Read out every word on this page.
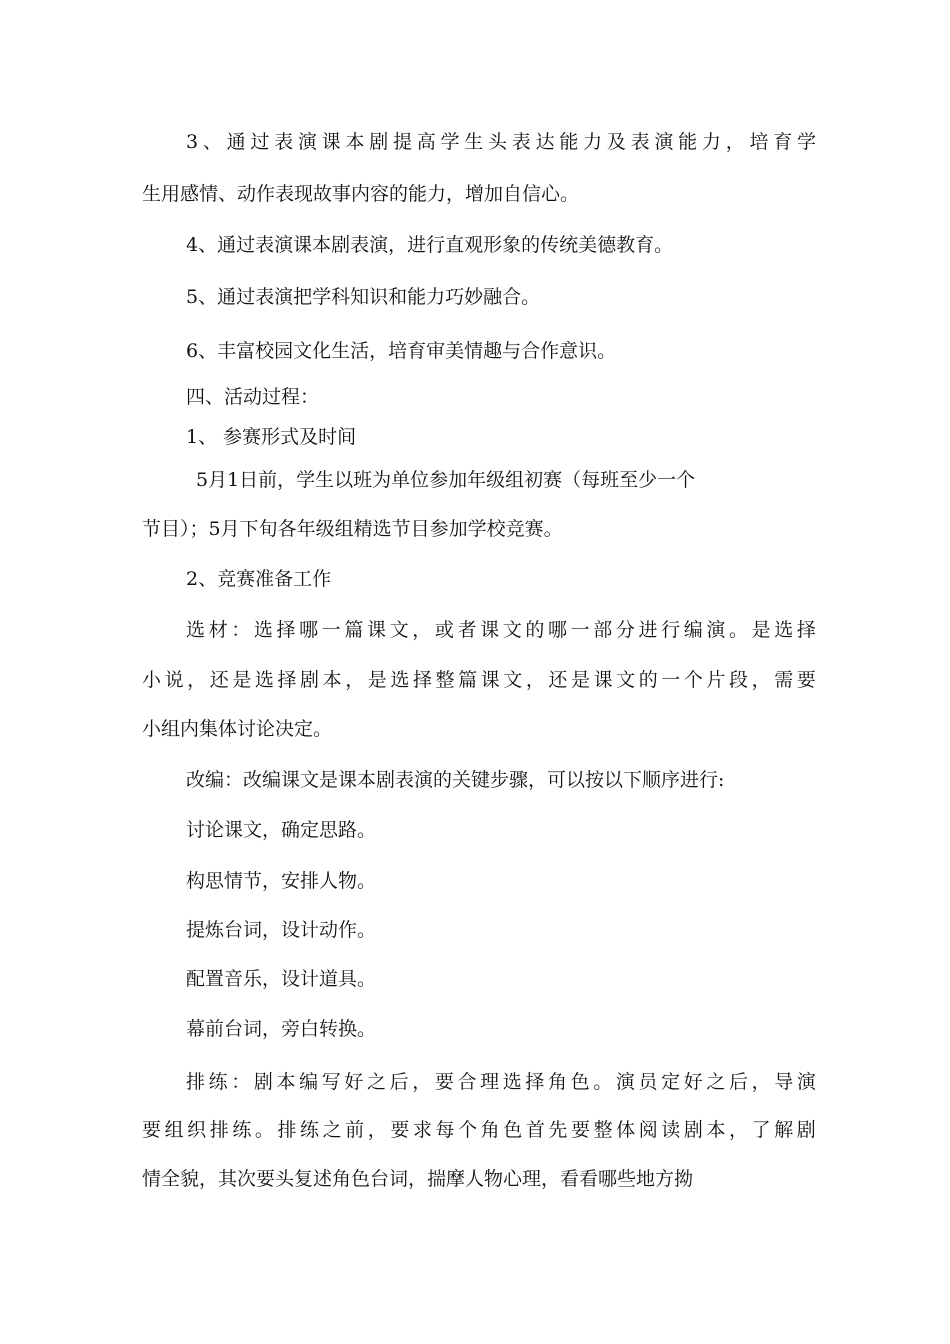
3 、 通 过 表 演 课 本 剧 提 高 学 生 头 表 达 能 力 及 表 演 能 力 ， 培 育 学
生用感情、动作表现故事内容的能力，增加自信心。
4、通过表演课本剧表演，进行直观形象的传统美德教育。
5、通过表演把学科知识和能力巧妙融合。
6、丰富校园文化生活，培育审美情趣与合作意识。
四、活动过程：
1、 参赛形式及时间
5月1日前，学生以班为单位参加年级组初赛（每班至少一个
节目）；5月下旬各年级组精选节目参加学校竞赛。
2、竞赛准备工作
选 材 ： 选 择 哪 一 篇 课 文 ， 或 者 课 文 的 哪 一 部 分 进 行 编 演 。 是 选 择
小 说 ， 还 是 选 择 剧 本 ， 是 选 择 整 篇 课 文 ， 还 是 课 文 的 一 个 片 段 ， 需 要
小组内集体讨论决定。
改编：改编课文是课本剧表演的关键步骤，可以按以下顺序进行:
讨论课文，确定思路。
构思情节，安排人物。
提炼台词，设计动作。
配置音乐，设计道具。
幕前台词，旁白转换。
排 练 ： 剧 本 编 写 好 之 后 ， 要 合 理 选 择 角 色 。 演 员 定 好 之 后 ， 导 演
要 组 织 排 练 。 排 练 之 前 ， 要 求 每 个 角 色 首 先 要 整 体 阅 读 剧 本 ， 了 解 剧
情全貌，其次要头复述角色台词，揣摩人物心理，看看哪些地方拗
